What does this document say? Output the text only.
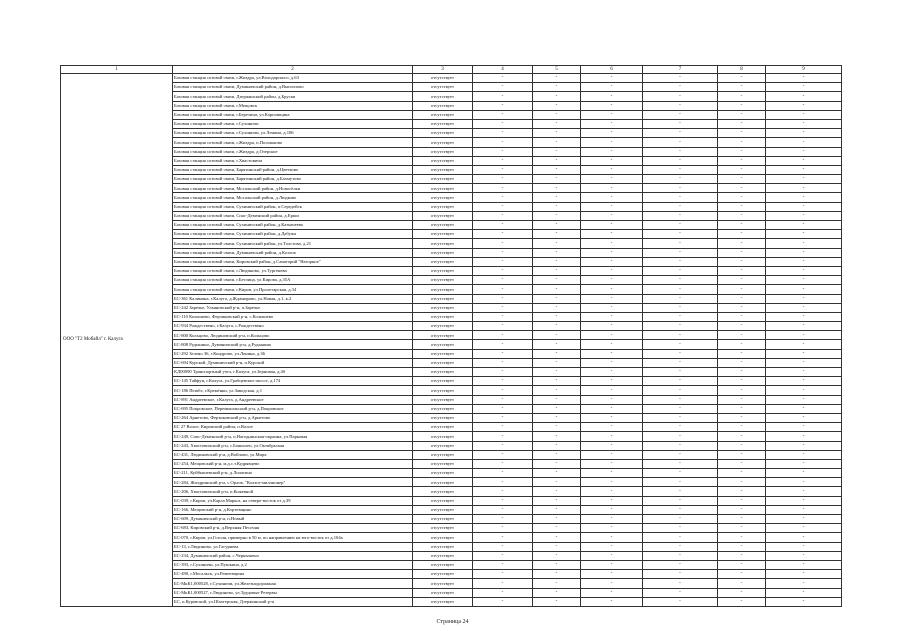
·
1	2	3	4	5	6	7	8	9
ООО "Т2 Мобайл" г. Калуга	Базовая станция сотовой связи, г.Жиздра, ул.Володарского, д.63	отсутствует	-	-	-	-	-	-
	Базовая станция сотовой связи, Думиничский район, д.Выползово	отсутствует	-	-	-	-	-	-
	Базовая станция сотовой связи, Дзержинский район, д.Бруски	отсутствует	-	-	-	-	-	-
	Базовая станция сотовой связи, г.Мещовск	отсутствует	-	-	-	-	-	-
	Базовая станция сотовой связи, г.Березичи, ул.Карповщина	отсутствует	-	-	-	-	-	-
	Базовая станция сотовой связи, г.Сухиничи	отсутствует	-	-	-	-	-	-
	Базовая станция сотовой связи, г.Сухиничи, ул.Ленина, д.106	отсутствует	-	-	-	-	-	-
	Базовая станция сотовой связи, г.Жиздра, п.Полошково	отсутствует	-	-	-	-	-	-
	Базовая станция сотовой связи, г.Жиздра, д.Озерское	отсутствует	-	-	-	-	-	-
	Базовая станция сотовой связи, г.Хвастовичи	отсутствует	-	-	-	-	-	-
	Базовая станция сотовой связи, Барятинский район, д.Цветково	отсутствует	-	-	-	-	-	-
	Базовая станция сотовой связи, Барятинский район, д.Бахмутово	отсутствует	-	-	-	-	-	-
	Базовая станция сотовой связи, Мосальский район, д.Новосёлки	отсутствует	-	-	-	-	-	-
	Базовая станция сотовой связи, Мосальский район, д.Людково	отсутствует	-	-	-	-	-	-
	Базовая станция сотовой связи, Сухиничский район, п.Середейск	отсутствует	-	-	-	-	-	-
	Базовая станция сотовой связи, Спас-Деменский район, д.Ерши	отсутствует	-	-	-	-	-	-
	Базовая станция сотовой связи, Сухиничский район, д.Казначеево	отсутствует	-	-	-	-	-	-
	Базовая станция сотовой связи, Сухиничский район, д.Дабужа	отсутствует	-	-	-	-	-	-
	Базовая станция сотовой связи, Сухиничский район, ул.Толстова, д.21	отсутствует	-	-	-	-	-	-
	Базовая станция сотовой связи, Думиничский район, д.Козлов	отсутствует	-	-	-	-	-	-
	Базовая станция сотовой связи, Кировский район, д.Санаторий "Нагорное"	отсутствует	-	-	-	-	-	-
	Базовая станция сотовой связи, г.Людиново, ул.Тургенева	отсутствует	-	-	-	-	-	-
	Базовая станция сотовой связи, г.Бетлица, ул.Кирова, д.35А	отсутствует	-	-	-	-	-	-
	Базовая станция сотовой связи, г.Киров, ул.Пролетарская, д.34	отсутствует	-	-	-	-	-	-
	БС-361 Калинина, г.Калуга, д.Ждамирово, ул.Новая, д.1, к.2	отсутствует	-	-	-	-	-	-
	БС-242 Заречье, Ульяновский р-н, п.Заречье	отсутствует	-	-	-	-	-	-
	БС-110 Колышево, Ферзиковский р-н, с.Колышево	отсутствует	-	-	-	-	-	-
	БС-934 Рождествено, г.Калуга, с.Рождествено	отсутствует	-	-	-	-	-	-
	БС-800 Кольцово, Людиновский р-н, п.Кольцово	отсутствует	-	-	-	-	-	-
	БС-808 Рудынино, Думиничский р-н, д.Рудынино	отсутствует	-	-	-	-	-	-
	БС-292 Зелено 36, г.Кондрово, ул.Ленина, д.36	отсутствует	-	-	-	-	-	-
	БС-694 Курской, Думиничский р-н, п.Курской	отсутствует	-	-	-	-	-	-
	КД00090 Транспортный узел, г.Калуга, ул.Зерновая, д.4б	отсутствует	-	-	-	-	-	-
	БС-145 Тайфун, г.Калуга, ул.Грабцевское шоссе, д.174	отсутствует	-	-	-	-	-	-
	БС-186 Пешбэ, г.Кремёнки, ул.Заводская, д.1	отсутствует	-	-	-	-	-	-
	БС-891 Андреевское, г.Калуга, д.Андреевское	отсутствует	-	-	-	-	-	-
	БС-695 Покровское, Перемышльский р-н, д.Покровское	отсутствует	-	-	-	-	-	-
	БС-264 Арнетово, Ферзиковский р-н, д.Арнетово	отсутствует	-	-	-	-	-	-
	БС 27 Волое, Кировский район, п.Волое	отсутствует	-	-	-	-	-	-
	БС-249, Спас-Деменский р-н, п.Нагоднинская-окраина, ул.Парковая	отсутствует	-	-	-	-	-	-
	БС-243, Хвастовичский р-н, с.Боянолеп, ул.Октябрьская	отсутствует	-	-	-	-	-	-
	БС-431, Людиновский р-н, д.Войлово, ул.Мира	отсутствует	-	-	-	-	-	-
	БС-254, Мещовский р-н, м.д.с.т.Кудрявцево	отсутствует	-	-	-	-	-	-
	БС-211, Куйбышевский р-н, д.Лопатино	отсутствует	-	-	-	-	-	-
	БС-284, Жиздринский р-н, с.Орлов, "Колхоз-миллионер"	отсутствует	-	-	-	-	-	-
	БС-206, Хвастовичский р-н, п.Кожевной	отсутствует	-	-	-	-	-	-
	БС-039, г.Киров, ул.Карла Маркса, на северо-восток от д.39	отсутствует	-	-	-	-	-	-
	БС-166, Мещовский р-н, д.Кортовщино	отсутствует	-	-	-	-	-	-
	БС-609, Думиничский р-н, п.Новый	отсутствует	-	-	-	-	-	-
	БС-683, Кировский р-н, д.Верхняя Песочня	отсутствует	-	-	-	-	-	-
	БС-070, г.Киров, ул.Гоголя, примерно в 50 м. по направлению на юго-восток от д.104а	отсутствует	-	-	-	-	-	-
	БС-13, г.Людиново, ул.Гагуриева	отсутствует	-	-	-	-	-	-
	БС-234, Думиничский район, с.Чернышено	отсутствует	-	-	-	-	-	-
	БС-393, г.Сухиничи, ул.Пушкина, д.2	отсутствует	-	-	-	-	-	-
	БС-490, г.Мосальск, ул.Ремеевщина	отсутствует	-	-	-	-	-	-
	БС-МкК1,000528, г.Сухиничи, ул.Железнодорожная	отсутствует	-	-	-	-	-	-
	БС-МкК1,000527, г.Людиново, ул.Трудовые Резервы	отсутствует	-	-	-	-	-	-
	БС, п.Куровской, ул.Шахтерская, Дзержинский р-н	отсутствует	-	-	-	-	-	-
Страница 24
